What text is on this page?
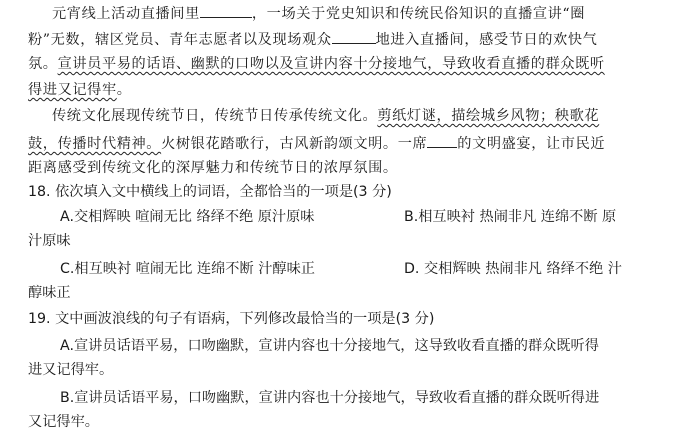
元宵线上活动直播间里	，一场关于党史知识和传统民俗知识的直播宣讲“圈
粉”无数，辖区党员、青年志愿者以及现场观众	地进入直播间，感受节日的欢快气
氛。宣讲员平易的话语、幽默的口吻以及宣讲内容十分接地气，导致收看直播的群众既听
得进又记得牢。
传统文化展现传统节日，传统节日传承传统文化。剪纸灯谜，描绘城乡风物；秧歌花
鼓，传播时代精神。火树银花踏歌行，古风新韵颂文明。一席 的文明盛宴，让市民近
距离感受到传统文化的深厚魅力和传统节日的浓厚氛围。
18. 依次填入文中横线上的词语，全都恰当的一项是(3 分)
A.交相辉映 喧闹无比 络绎不绝 原汁原味	B.相互映衬 热闹非凡 连绵不断 原
汁原味
C.相互映衬 喧闹无比 连绵不断 汁醇味正	D. 交相辉映 热闹非凡 络绎不绝 汁
醇味正
19. 文中画波浪线的句子有语病，下列修改最恰当的一项是(3 分)
A.宣讲员话语平易，口吻幽默，宣讲内容也十分接地气，这导致收看直播的群众既听得
进又记得牢。
B.宣讲员话语平易，口吻幽默，宣讲内容也十分接地气，导致收看直播的群众既听得进
又记得牢。
